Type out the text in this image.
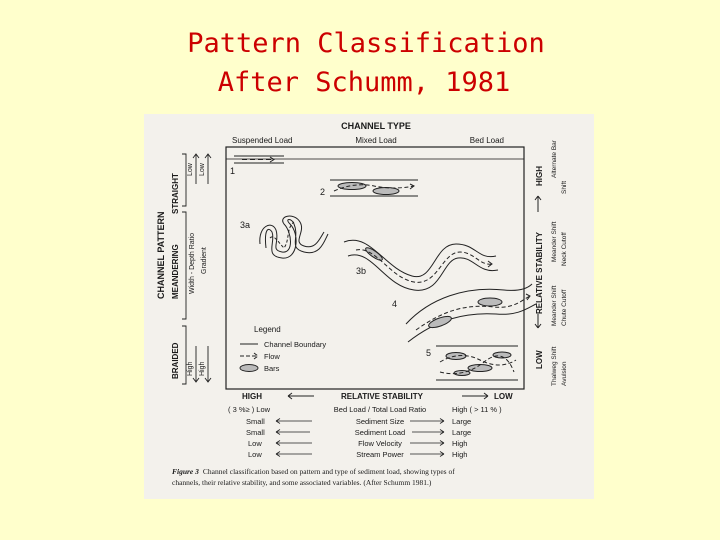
Pattern Classification
After Schumm, 1981
CHANNEL TYPE
Suspended Load	Mixed Load	Bed Load
CHANNEL PATTERN
STRAIGHT
MEANDERING
BRAIDED
Low Low
Width - Depth Ratio Gradient
High High
1
2
3a
3b
4
5
Legend
Channel Boundary
Flow
Bars
HIGH	RELATIVE STABILITY	LOW
LOW
RELATIVE STABILITY
HIGH Alternate Bar
Shift
Meander Shift Neck Cutoff
Meander Shift Chute Cutoff
Thalweg Shift Avulsion
( 3 %≥ ) Low	Bed Load / Total Load Ratio	High ( > 11 % )
Small	Sediment Size	Large
Small	Sediment Load	Large
Low	Flow Velocity	High
Low	Stream Power	High
Figure 3 Channel classification based on pattern and type of sediment load, showing types of
channels, their relative stability, and some associated variables. (After Schumm 1981.)
